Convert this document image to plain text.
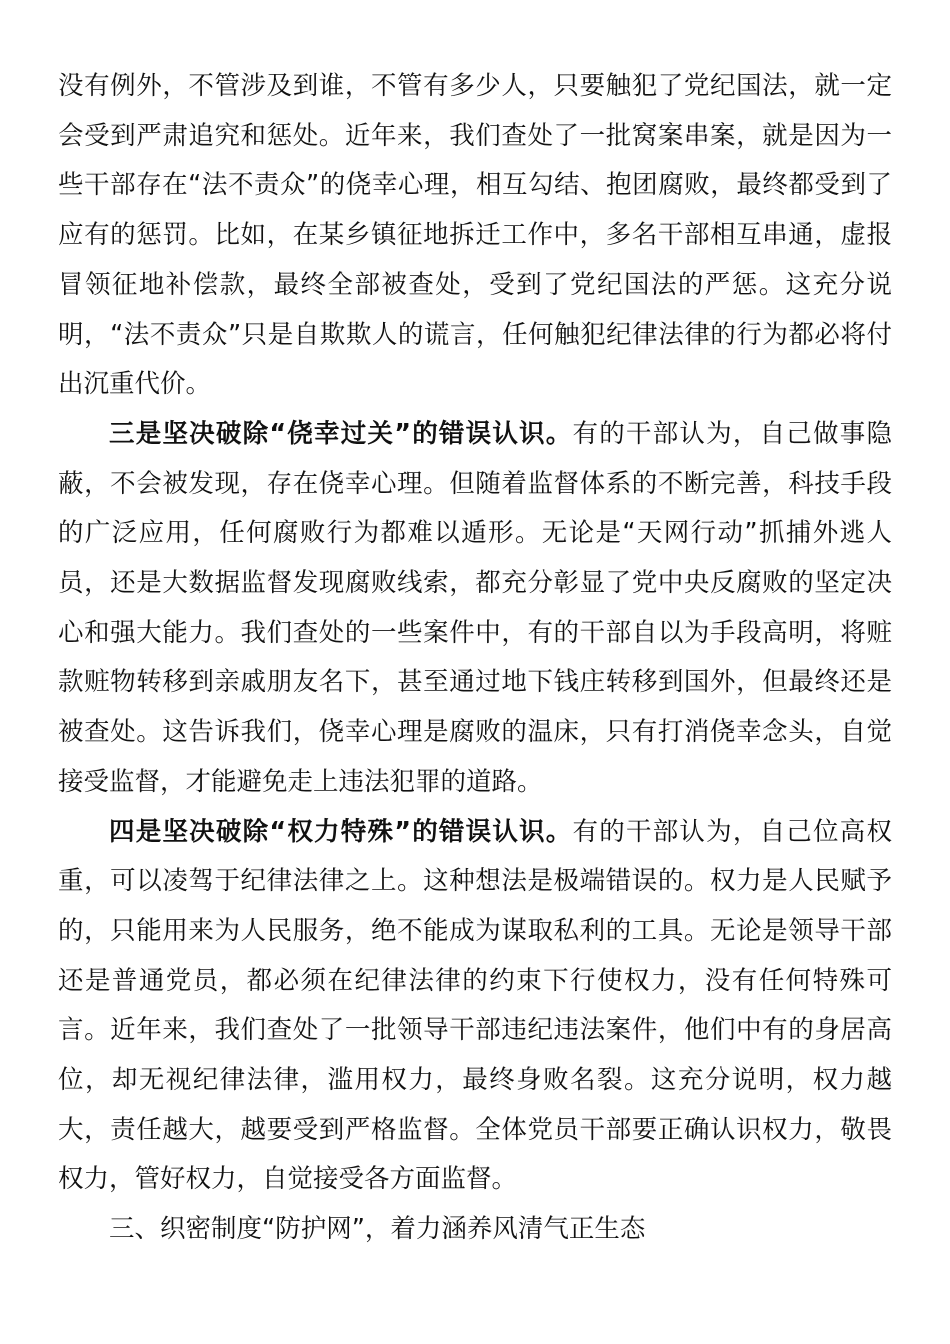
没有例外，不管涉及到谁，不管有多少人，只要触犯了党纪国法，就一定会受到严肃追究和惩处。近年来，我们查处了一批窝案串案，就是因为一些干部存在“法不责众”的侥幸心理，相互勾结、抱团腐败，最终都受到了应有的惩罚。比如，在某乡镇征地拆迁工作中，多名干部相互串通，虚报冒领征地补偿款，最终全部被查处，受到了党纪国法的严惩。这充分说明，“法不责众”只是自欺欺人的谎言，任何触犯纪律法律的行为都必将付出沉重代价。

三是坚决破除“侥幸过关”的错误认识。有的干部认为，自己做事隐蔽，不会被发现，存在侥幸心理。但随着监督体系的不断完善，科技手段的广泛应用，任何腐败行为都难以遁形。无论是“天网行动”抓捕外逃人员，还是大数据监督发现腐败线索，都充分彰显了党中央反腐败的坚定决心和强大能力。我们查处的一些案件中，有的干部自以为手段高明，将赃款赃物转移到亲戚朋友名下，甚至通过地下钱庄转移到国外，但最终还是被查处。这告诉我们，侥幸心理是腐败的温床，只有打消侥幸念头，自觉接受监督，才能避免走上违法犯罪的道路。

四是坚决破除“权力特殊”的错误认识。有的干部认为，自己位高权重，可以凌驾于纪律法律之上。这种想法是极端错误的。权力是人民赋予的，只能用来为人民服务，绝不能成为谋取私利的工具。无论是领导干部还是普通党员，都必须在纪律法律的约束下行使权力，没有任何特殊可言。近年来，我们查处了一批领导干部违纪违法案件，他们中有的身居高位，却无视纪律法律，滥用权力，最终身败名裂。这充分说明，权力越大，责任越大，越要受到严格监督。全体党员干部要正确认识权力，敬畏权力，管好权力，自觉接受各方面监督。

三、织密制度“防护网”，着力涵养风清气正生态
